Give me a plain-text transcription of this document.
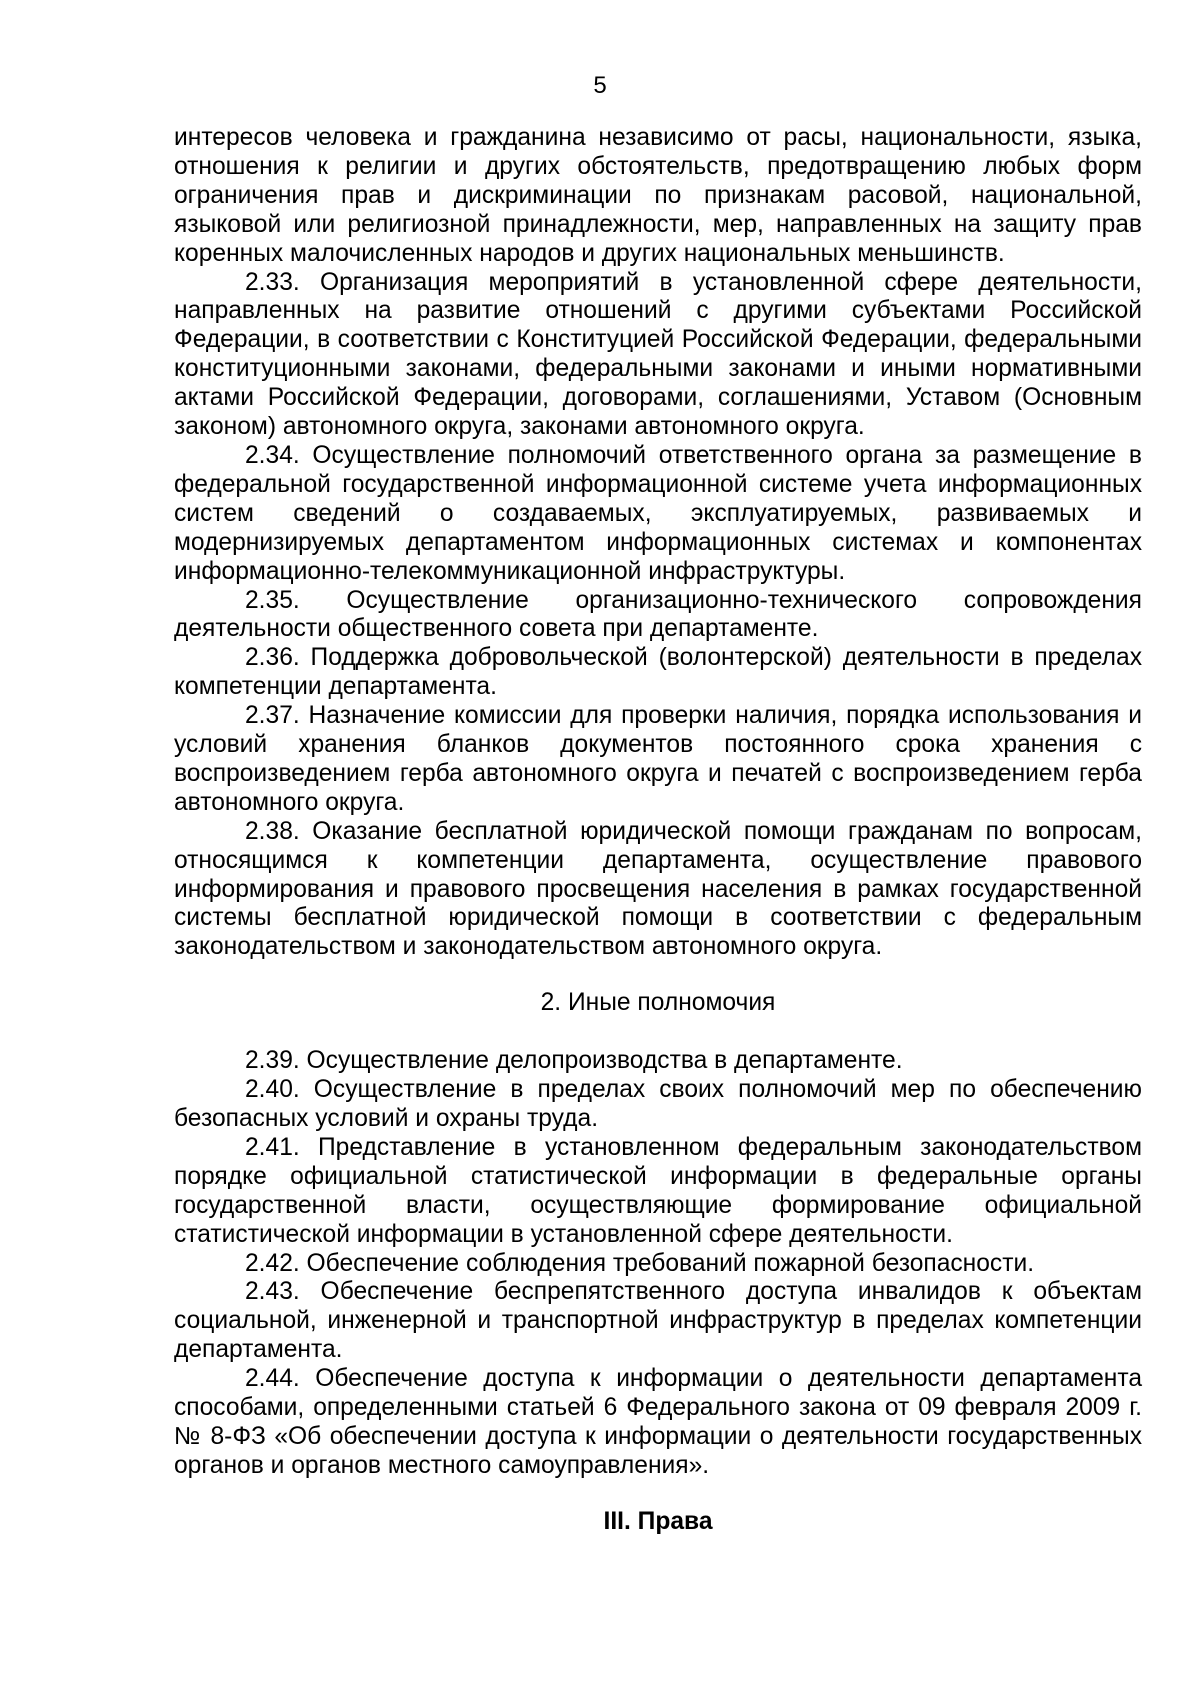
5

интересов человека и гражданина независимо от расы, национальности, языка, отношения к религии и других обстоятельств, предотвращению любых форм ограничения прав и дискриминации по признакам расовой, национальной, языковой или религиозной принадлежности, мер, направленных на защиту прав коренных малочисленных народов и других национальных меньшинств.

2.33. Организация мероприятий в установленной сфере деятельности, направленных на развитие отношений с другими субъектами Российской Федерации, в соответствии с Конституцией Российской Федерации, федеральными конституционными законами, федеральными законами и иными нормативными актами Российской Федерации, договорами, соглашениями, Уставом (Основным законом) автономного округа, законами автономного округа.

2.34. Осуществление полномочий ответственного органа за размещение в федеральной государственной информационной системе учета информационных систем сведений о создаваемых, эксплуатируемых, развиваемых и модернизируемых департаментом информационных системах и компонентах информационно-телекоммуникационной инфраструктуры.

2.35. Осуществление организационно-технического сопровождения деятельности общественного совета при департаменте.

2.36. Поддержка добровольческой (волонтерской) деятельности в пределах компетенции департамента.

2.37. Назначение комиссии для проверки наличия, порядка использования и условий хранения бланков документов постоянного срока хранения с воспроизведением герба автономного округа и печатей с воспроизведением герба автономного округа.

2.38. Оказание бесплатной юридической помощи гражданам по вопросам, относящимся к компетенции департамента, осуществление правового информирования и правового просвещения населения в рамках государственной системы бесплатной юридической помощи в соответствии с федеральным законодательством и законодательством автономного округа.

2. Иные полномочия

2.39. Осуществление делопроизводства в департаменте.

2.40. Осуществление в пределах своих полномочий мер по обеспечению безопасных условий и охраны труда.

2.41. Представление в установленном федеральным законодательством порядке официальной статистической информации в федеральные органы государственной власти, осуществляющие формирование официальной статистической информации в установленной сфере деятельности.

2.42. Обеспечение соблюдения требований пожарной безопасности.

2.43. Обеспечение беспрепятственного доступа инвалидов к объектам социальной, инженерной и транспортной инфраструктур в пределах компетенции департамента.

2.44. Обеспечение доступа к информации о деятельности департамента способами, определенными статьей 6 Федерального закона от 09 февраля 2009 г. № 8-ФЗ «Об обеспечении доступа к информации о деятельности государственных органов и органов местного самоуправления».

III. Права
